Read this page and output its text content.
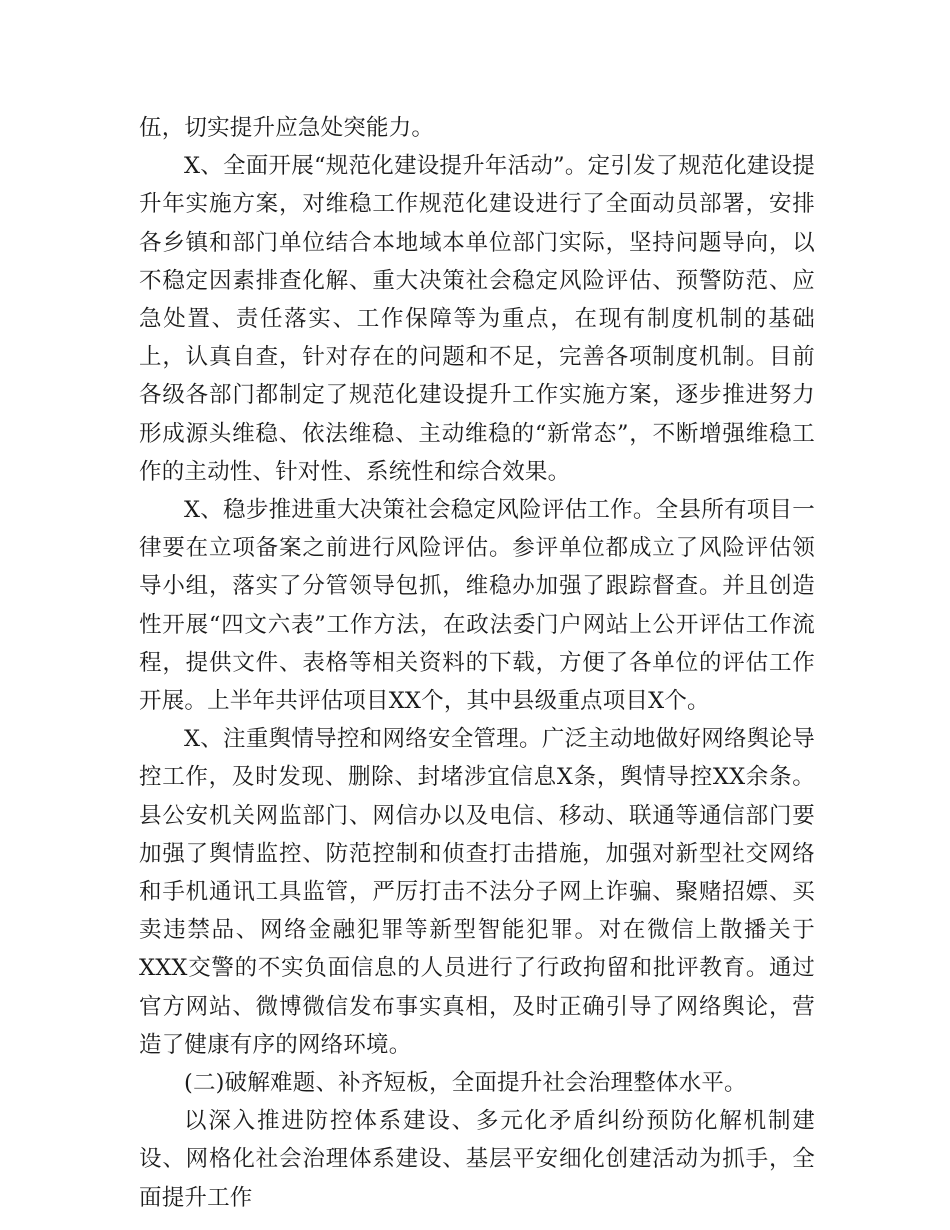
伍，切实提升应急处突能力。

X、全面开展“规范化建设提升年活动”。定引发了规范化建设提升年实施方案，对维稳工作规范化建设进行了全面动员部署，安排各乡镇和部门单位结合本地域本单位部门实际，坚持问题导向，以不稳定因素排查化解、重大决策社会稳定风险评估、预警防范、应急处置、责任落实、工作保障等为重点，在现有制度机制的基础上，认真自查，针对存在的问题和不足，完善各项制度机制。目前各级各部门都制定了规范化建设提升工作实施方案，逐步推进努力形成源头维稳、依法维稳、主动维稳的“新常态”，不断增强维稳工作的主动性、针对性、系统性和综合效果。

X、稳步推进重大决策社会稳定风险评估工作。全县所有项目一律要在立项备案之前进行风险评估。参评单位都成立了风险评估领导小组，落实了分管领导包抓，维稳办加强了跟踪督查。并且创造性开展“四文六表”工作方法，在政法委门户网站上公开评估工作流程，提供文件、表格等相关资料的下载，方便了各单位的评估工作开展。上半年共评估项目XX个，其中县级重点项目X个。

X、注重舆情导控和网络安全管理。广泛主动地做好网络舆论导控工作，及时发现、删除、封堵涉宜信息X条，舆情导控XX余条。县公安机关网监部门、网信办以及电信、移动、联通等通信部门要加强了舆情监控、防范控制和侦查打击措施，加强对新型社交网络和手机通讯工具监管，严厉打击不法分子网上诈骗、聚赌招嫖、买卖违禁品、网络金融犯罪等新型智能犯罪。对在微信上散播关于XXX交警的不实负面信息的人员进行了行政拘留和批评教育。通过官方网站、微博微信发布事实真相，及时正确引导了网络舆论，营造了健康有序的网络环境。

(二)破解难题、补齐短板，全面提升社会治理整体水平。

以深入推进防控体系建设、多元化矛盾纠纷预防化解机制建设、网格化社会治理体系建设、基层平安细化创建活动为抓手，全面提升工作
